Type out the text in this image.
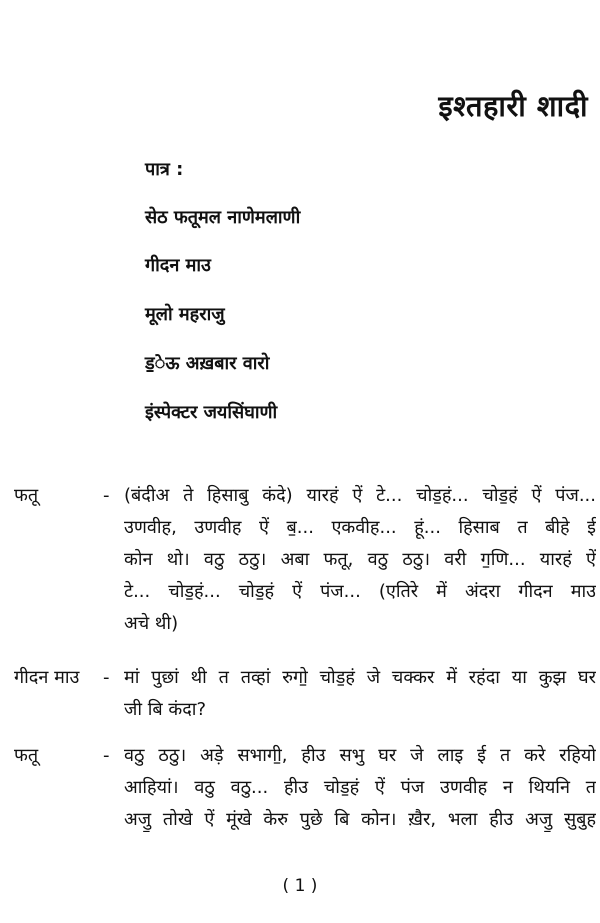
इश्तहारी शादी
पात्र :
सेठ फतूमल नाणेमलाणी
गीदन माउ
मूलो महराजु
ड॒ेऊ अख़बार वारो
इंस्पेक्टर जयसिंघाणी
फतू	- (बंदीअ ते हिसाबु कंदे) यारहं ऐं टे... चोड॒हं... चोड॒हं ऐं पंज...
उणवीह, उणवीह ऐं ब॒... एकवीह... हूं... हिसाब त बीहे ई
कोन थो। वठु ठठु। अबा फतू, वठु ठठु। वरी ग॒णि... यारहं ऐं
टे... चोड॒हं... चोड॒हं ऐं पंज... (एतिरे में अंदरा गीदन माउ
अचे थी)
गीदन माउ - मां पुछां थी त तव्हां रुगो॒ चोड॒हं जे चक्कर में रहंदा या कुझ घर
जी बि कंदा?
फतू	- वठु ठठु। अड़े सभागी॒, हीउ सभु घर जे लाइ ई त करे रहियो
आहियां। वठु वठु... हीउ चोड॒हं ऐं पंज उणवीह न थियनि त
अजु॒ तोखे ऐं मूंखे केरु पुछे बि कोन। ख़ैर, भला हीउ अजु॒ सुबुह
( 1 )
